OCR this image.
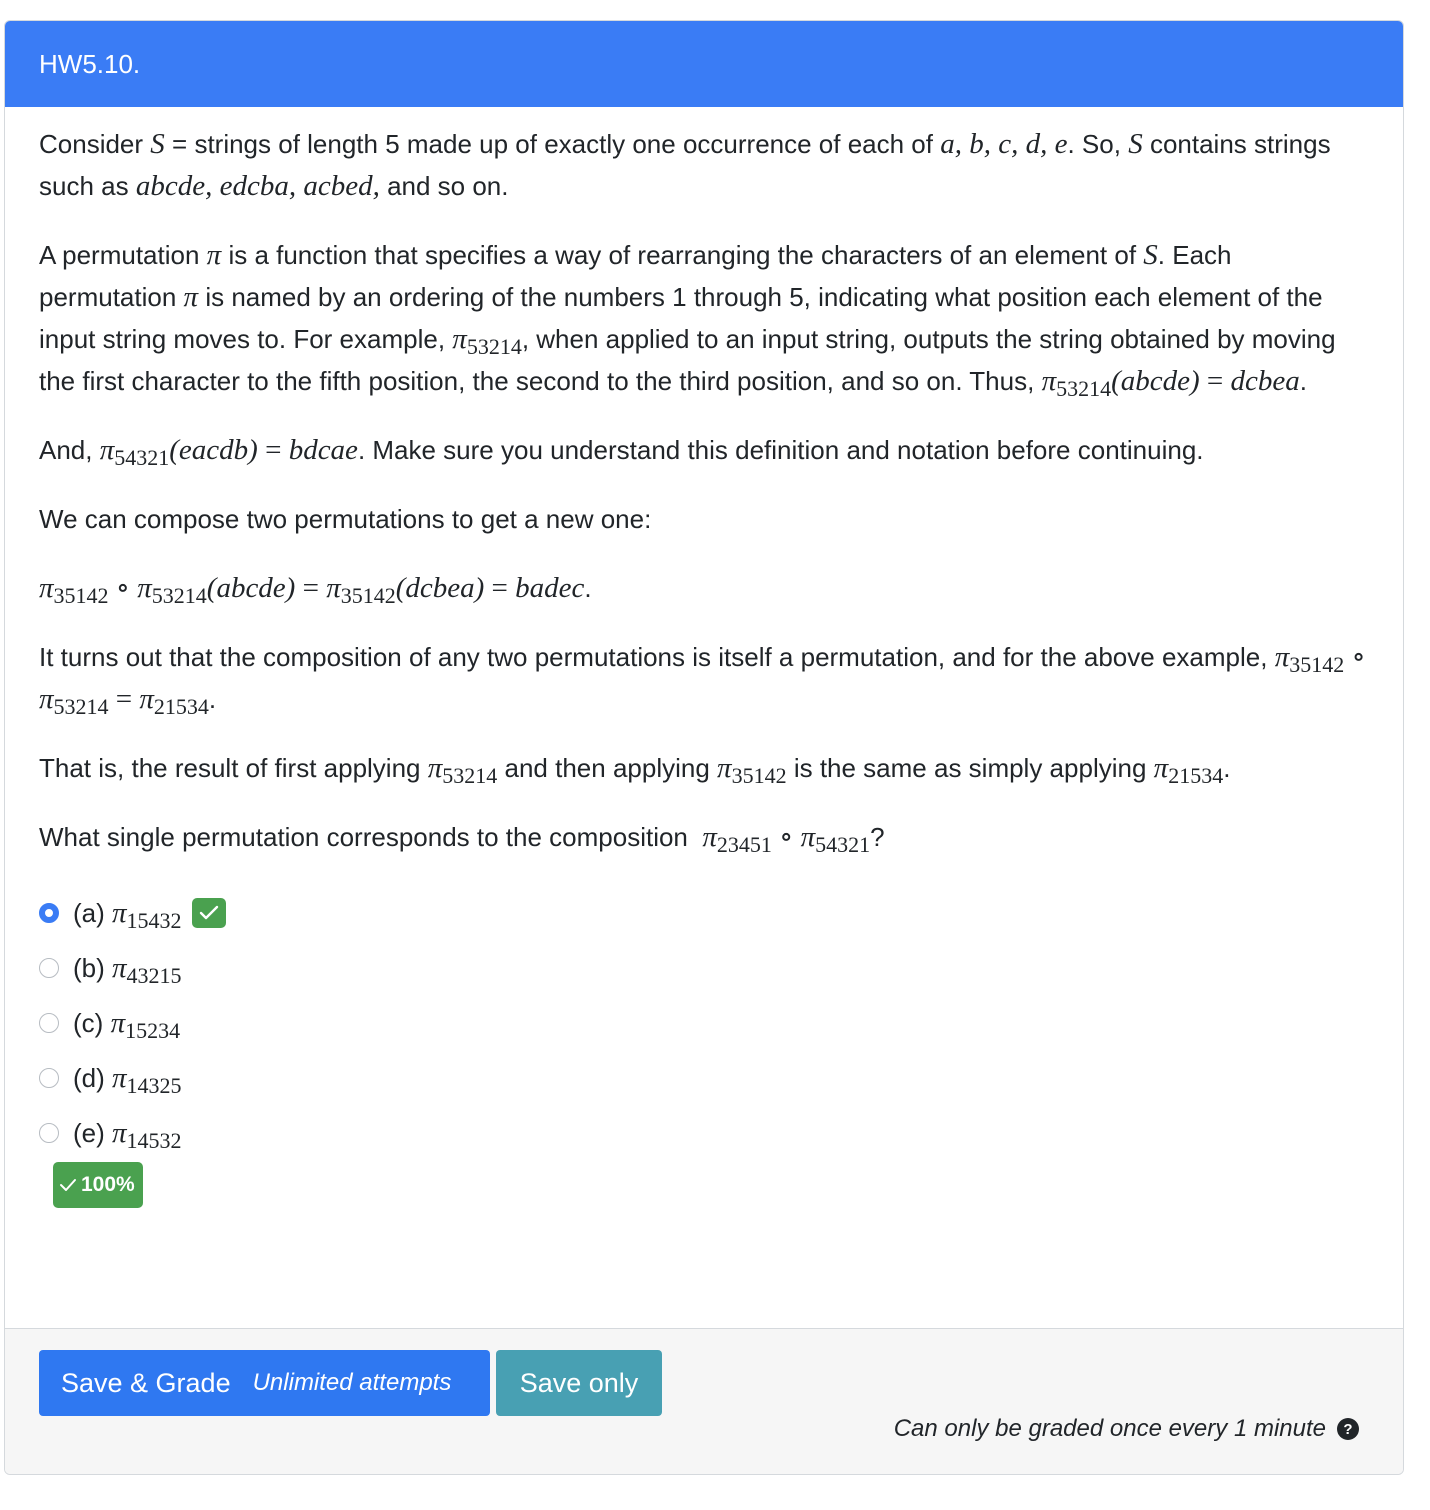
HW5.10.

Consider S = strings of length 5 made up of exactly one occurrence of each of a, b, c, d, e. So, S contains strings such as abcde, edcba, acbed, and so on.

A permutation π is a function that specifies a way of rearranging the characters of an element of S. Each permutation π is named by an ordering of the numbers 1 through 5, indicating what position each element of the input string moves to. For example, $\pi_{53214}$, when applied to an input string, outputs the string obtained by moving the first character to the fifth position, the second to the third position, and so on. Thus, $\pi_{53214}(abcde)$ = dcbea.

And, $\pi_{54321}(eacdb)$ = bdcae. Make sure you understand this definition and notation before continuing.

We can compose two permutations to get a new one:

$\pi_{35142}$ ∘ $\pi_{53214}(abcde)$ = $\pi_{35142}(dcbea)$ = badec.

It turns out that the composition of any two permutations is itself a permutation, and for the above example, $\pi_{35142}$ ∘ $\pi_{53214} = \pi_{21534}$.

That is, the result of first applying $\pi_{53214}$ and then applying $\pi_{35142}$ is the same as simply applying $\pi_{21534}$.

What single permutation corresponds to the composition $\pi_{23451}$ ∘ $\pi_{54321}$?

(a) $\pi_{15432}$
(b) $\pi_{43215}$
(c) $\pi_{15234}$
(d) $\pi_{14325}$
(e) $\pi_{14532}$
100%
Save & Grade Unlimited attempts	Save only
Can only be graded once every 1 minute	?
